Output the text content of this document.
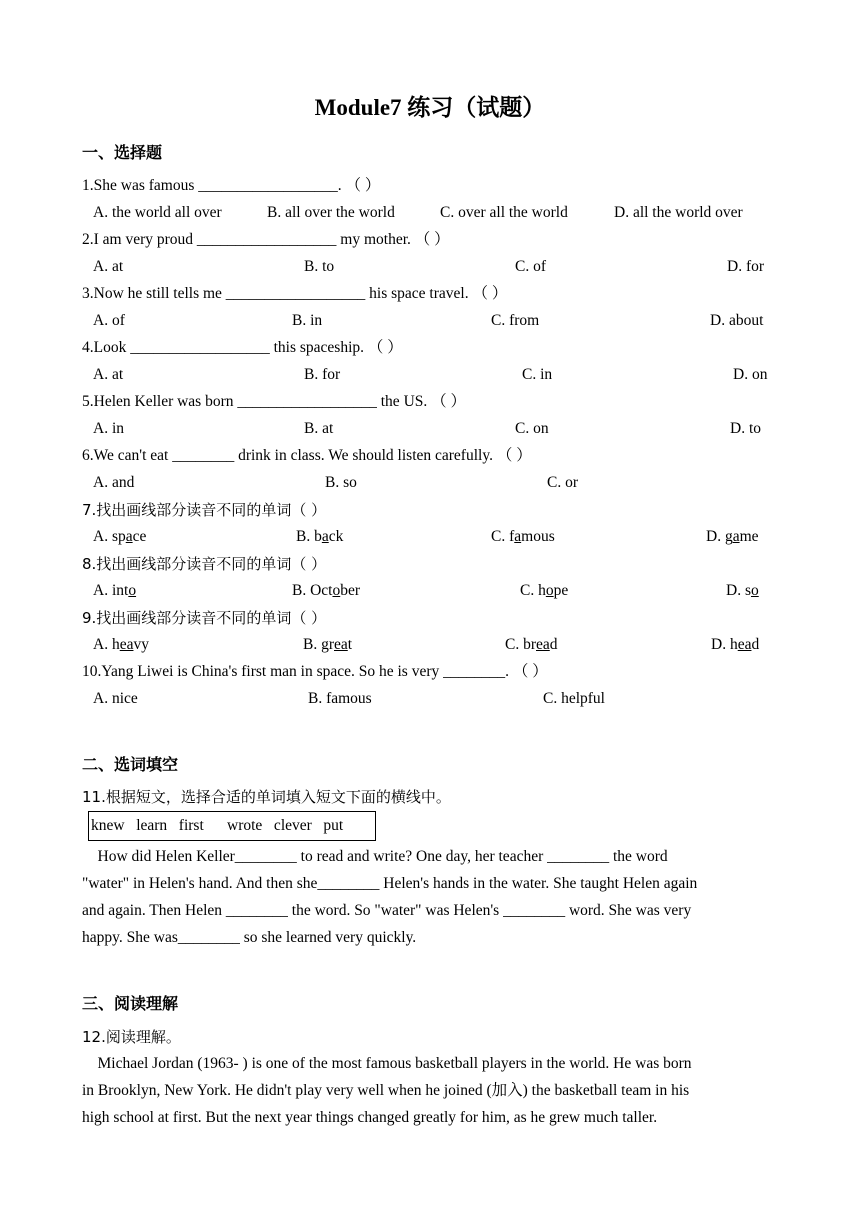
Module7 练习（试题）
一、选择题
1.She was famous __________________. （ ）
A. the world all over	B. all over the world	C. over all the world	D. all the world over
2.I am very proud __________________ my mother. （ ）
A. at	B. to	C. of	D. for
3.Now he still tells me __________________ his space travel. （ ）
A. of	B. in	C. from	D. about
4.Look __________________ this spaceship. （ ）
A. at	B. for	C. in	D. on
5.Helen Keller was born __________________ the US. （ ）
A. in	B. at	C. on	D. to
6.We can't eat ________ drink in class. We should listen carefully. （ ）
A. and	B. so	C. or
7.找出画线部分读音不同的单词（ ）
A. space	B. back	C. famous	D. game
8.找出画线部分读音不同的单词（ ）
A. into	B. October	C. hope	D. so
9.找出画线部分读音不同的单词（ ）
A. heavy	B. great	C. bread	D. head
10.Yang Liwei is China's first man in space. So he is very ________. （ ）
A. nice	B. famous	C. helpful
二、选词填空
11.根据短文，选择合适的单词填入短文下面的横线中。
knew   learn   first      wrote   clever   put
How did Helen Keller________ to read and write? One day, her teacher ________ the word
"water" in Helen's hand. And then she________ Helen's hands in the water. She taught Helen again
and again. Then Helen ________ the word. So "water" was Helen's ________ word. She was very
happy. She was________ so she learned very quickly.
三、阅读理解
12.阅读理解。
Michael Jordan (1963- ) is one of the most famous basketball players in the world. He was born
in Brooklyn, New York. He didn't play very well when he joined (加入) the basketball team in his
high school at first. But the next year things changed greatly for him, as he grew much taller.
